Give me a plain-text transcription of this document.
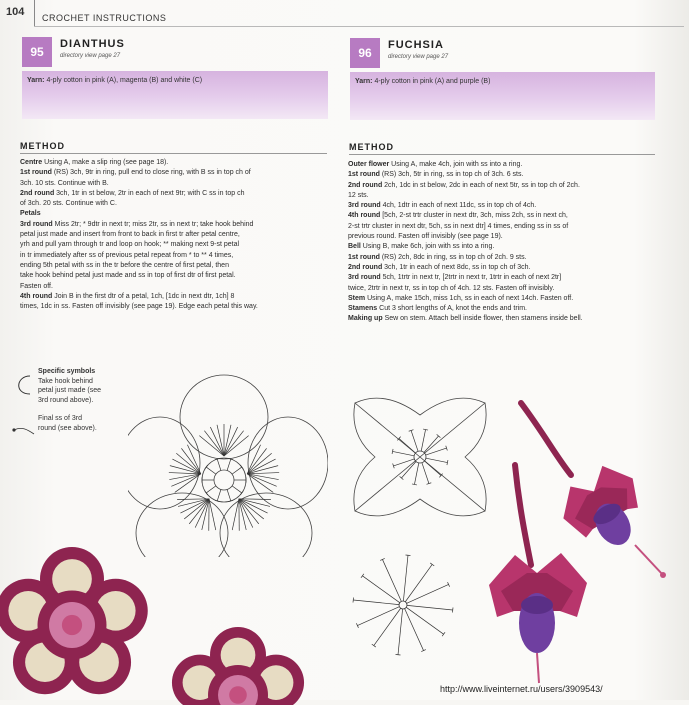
104 CROCHET INSTRUCTIONS
95
DIANTHUS
directory view page 27
Yarn: 4-ply cotton in pink (A), magenta (B) and white (C)
METHOD
Centre Using A, make a slip ring (see page 18).
1st round (RS) 3ch, 9tr in ring, pull end to close ring, with B ss in top ch of
3ch. 10 sts. Continue with B.
2nd round 3ch, 1tr in st below, 2tr in each of next 9tr; with C ss in top ch
of 3ch. 20 sts. Continue with C.
Petals
3rd round Miss 2tr; * 9dtr in next tr; miss 2tr, ss in next tr; take hook behind
petal just made and insert from front to back in first tr after petal centre,
yrh and pull yarn through tr and loop on hook; ** making next 9-st petal
in tr immediately after ss of previous petal repeat from * to ** 4 times,
ending 5th petal with ss in the tr before the centre of first petal, then
take hook behind petal just made and ss in top of first dtr of first petal.
Fasten off.
4th round Join B in the first dtr of a petal, 1ch, [1dc in next dtr, 1ch] 8
times, 1dc in ss. Fasten off invisibly (see page 19). Edge each petal this way.
Specific symbols
Take hook behind
petal just made (see
3rd round above).
Final ss of 3rd
round (see above).
96
FUCHSIA
directory view page 27
Yarn: 4-ply cotton in pink (A) and purple (B)
METHOD
Outer flower Using A, make 4ch, join with ss into a ring.
1st round (RS) 3ch, 5tr in ring, ss in top ch of 3ch. 6 sts.
2nd round 2ch, 1dc in st below, 2dc in each of next 5tr, ss in top ch of 2ch.
12 sts.
3rd round 4ch, 1dtr in each of next 11dc, ss in top ch of 4ch.
4th round [5ch, 2-st trtr cluster in next dtr, 3ch, miss 2ch, ss in next ch,
2-st trtr cluster in next dtr, 5ch, ss in next dtr] 4 times, ending ss in ss of
previous round. Fasten off invisibly (see page 19).
Bell Using B, make 6ch, join with ss into a ring.
1st round (RS) 2ch, 8dc in ring, ss in top ch of 2ch. 9 sts.
2nd round 3ch, 1tr in each of next 8dc, ss in top ch of 3ch.
3rd round 5ch, 1trtr in next tr, [2trtr in next tr, 1trtr in each of next 2tr]
twice, 2trtr in next tr, ss in top ch of 4ch. 12 sts. Fasten off invisibly.
Stem Using A, make 15ch, miss 1ch, ss in each of next 14ch. Fasten off.
Stamens Cut 3 short lengths of A, knot the ends and trim.
Making up Sew on stem. Attach bell inside flower, then stamens inside bell.
http://www.liveinternet.ru/users/3909543/
